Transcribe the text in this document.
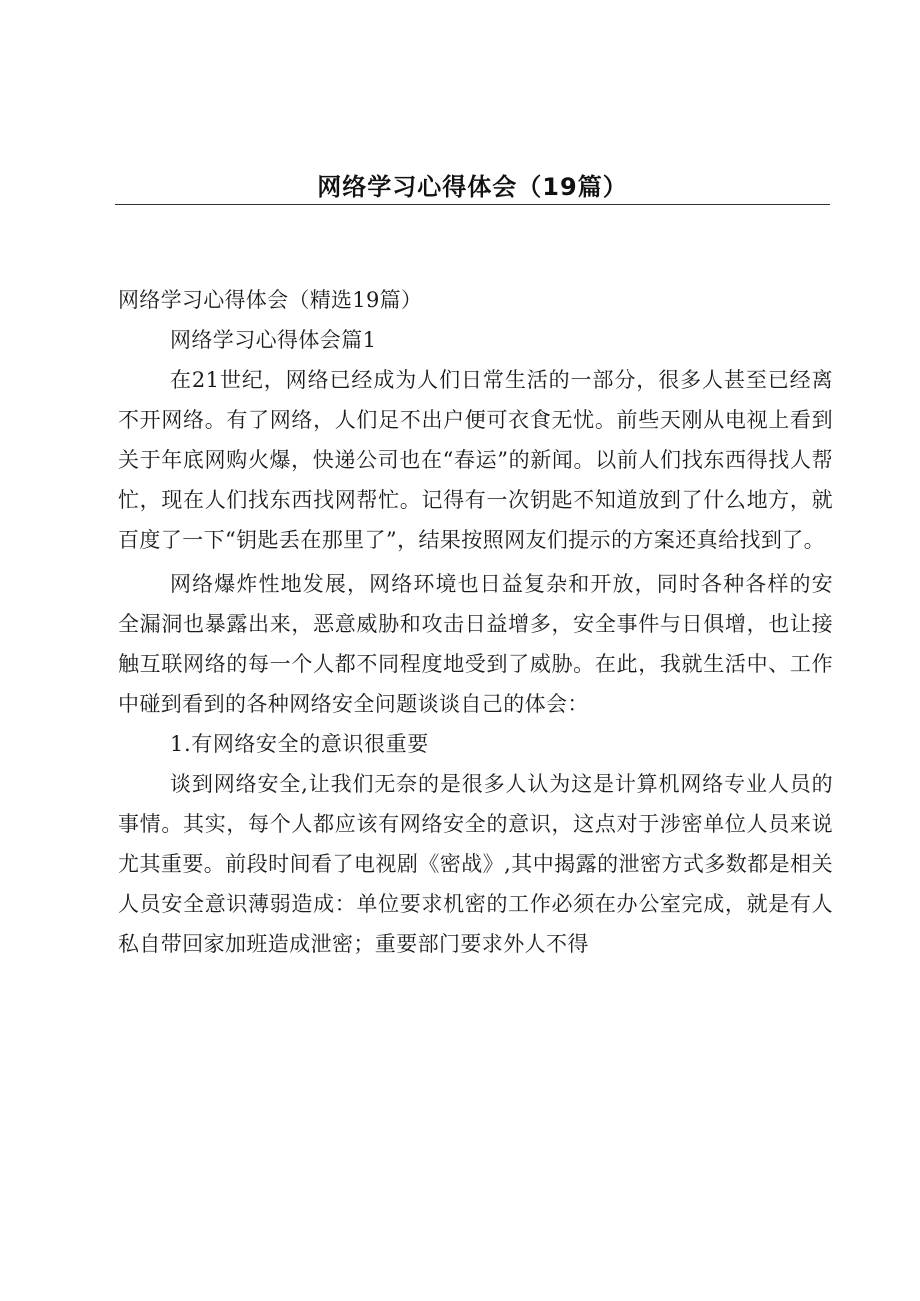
网络学习心得体会（19篇）

网络学习心得体会（精选19篇）

网络学习心得体会篇1

在21世纪，网络已经成为人们日常生活的一部分，很多人甚至已经离不开网络。有了网络，人们足不出户便可衣食无忧。前些天刚从电视上看到关于年底网购火爆，快递公司也在“春运”的新闻。以前人们找东西得找人帮忙，现在人们找东西找网帮忙。记得有一次钥匙不知道放到了什么地方，就百度了一下“钥匙丢在那里了”，结果按照网友们提示的方案还真给找到了。

网络爆炸性地发展，网络环境也日益复杂和开放，同时各种各样的安全漏洞也暴露出来，恶意威胁和攻击日益增多，安全事件与日俱增，也让接触互联网络的每一个人都不同程度地受到了威胁。在此，我就生活中、工作中碰到看到的各种网络安全问题谈谈自己的体会：

1.有网络安全的意识很重要

谈到网络安全,让我们无奈的是很多人认为这是计算机网络专业人员的事情。其实，每个人都应该有网络安全的意识，这点对于涉密单位人员来说尤其重要。前段时间看了电视剧《密战》,其中揭露的泄密方式多数都是相关人员安全意识薄弱造成：单位要求机密的工作必须在办公室完成，就是有人私自带回家加班造成泄密；重要部门要求外人不得
